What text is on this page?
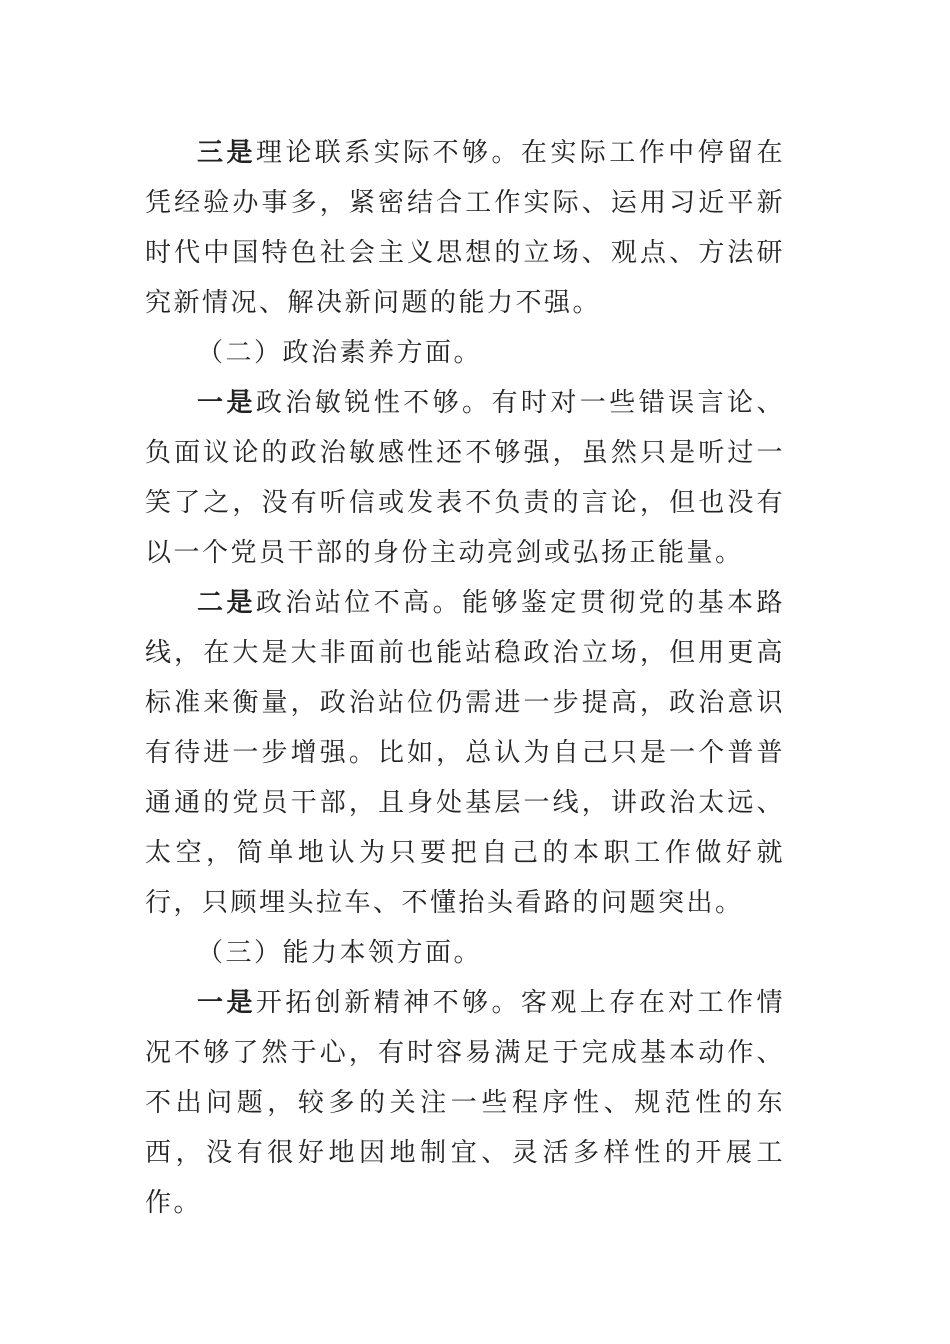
三是理论联系实际不够。在实际工作中停留在凭经验办事多，紧密结合工作实际、运用习近平新时代中国特色社会主义思想的立场、观点、方法研究新情况、解决新问题的能力不强。

（二）政治素养方面。

一是政治敏锐性不够。有时对一些错误言论、负面议论的政治敏感性还不够强，虽然只是听过一笑了之，没有听信或发表不负责的言论，但也没有以一个党员干部的身份主动亮剑或弘扬正能量。

二是政治站位不高。能够鉴定贯彻党的基本路线，在大是大非面前也能站稳政治立场，但用更高标准来衡量，政治站位仍需进一步提高，政治意识有待进一步增强。比如，总认为自己只是一个普普通通的党员干部，且身处基层一线，讲政治太远、太空，简单地认为只要把自己的本职工作做好就行，只顾埋头拉车、不懂抬头看路的问题突出。

（三）能力本领方面。

一是开拓创新精神不够。客观上存在对工作情况不够了然于心，有时容易满足于完成基本动作、不出问题，较多的关注一些程序性、规范性的东西，没有很好地因地制宜、灵活多样性的开展工作。
